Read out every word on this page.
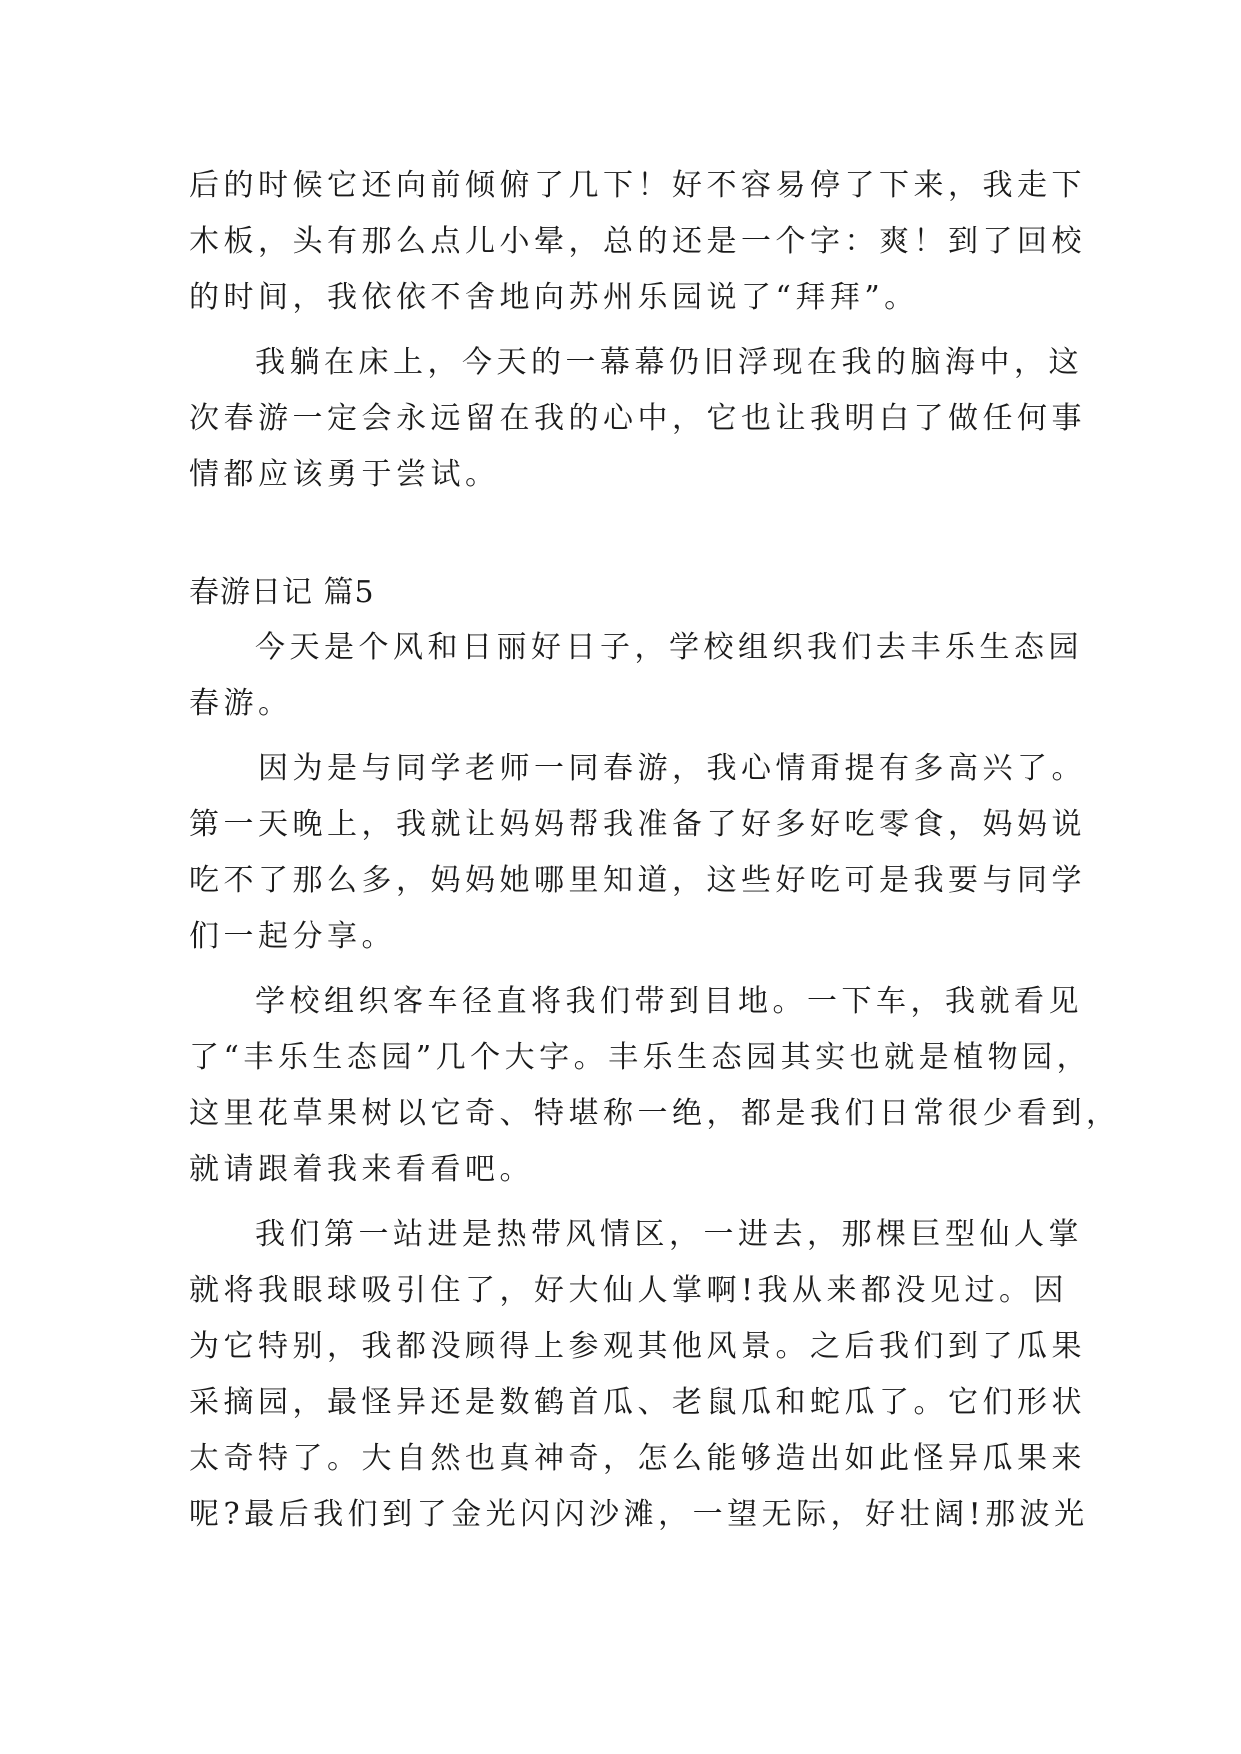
后的时候它还向前倾俯了几下！好不容易停了下来，我走下
木板，头有那么点儿小晕，总的还是一个字：爽！到了回校
的时间，我依依不舍地向苏州乐园说了“拜拜”。
我躺在床上，今天的一幕幕仍旧浮现在我的脑海中，这
次春游一定会永远留在我的心中，它也让我明白了做任何事
情都应该勇于尝试。
春游日记 篇5
今天是个风和日丽好日子，学校组织我们去丰乐生态园
春游。
因为是与同学老师一同春游，我心情甭提有多高兴了。
第一天晚上，我就让妈妈帮我准备了好多好吃零食，妈妈说
吃不了那么多，妈妈她哪里知道，这些好吃可是我要与同学
们一起分享。
学校组织客车径直将我们带到目地。一下车，我就看见
了“丰乐生态园”几个大字。丰乐生态园其实也就是植物园，
这里花草果树以它奇、特堪称一绝，都是我们日常很少看到，
就请跟着我来看看吧。
我们第一站进是热带风情区，一进去，那棵巨型仙人掌
就将我眼球吸引住了，好大仙人掌啊!我从来都没见过。因
为它特别，我都没顾得上参观其他风景。之后我们到了瓜果
采摘园，最怪异还是数鹤首瓜、老鼠瓜和蛇瓜了。它们形状
太奇特了。大自然也真神奇，怎么能够造出如此怪异瓜果来
呢?最后我们到了金光闪闪沙滩，一望无际，好壮阔!那波光
